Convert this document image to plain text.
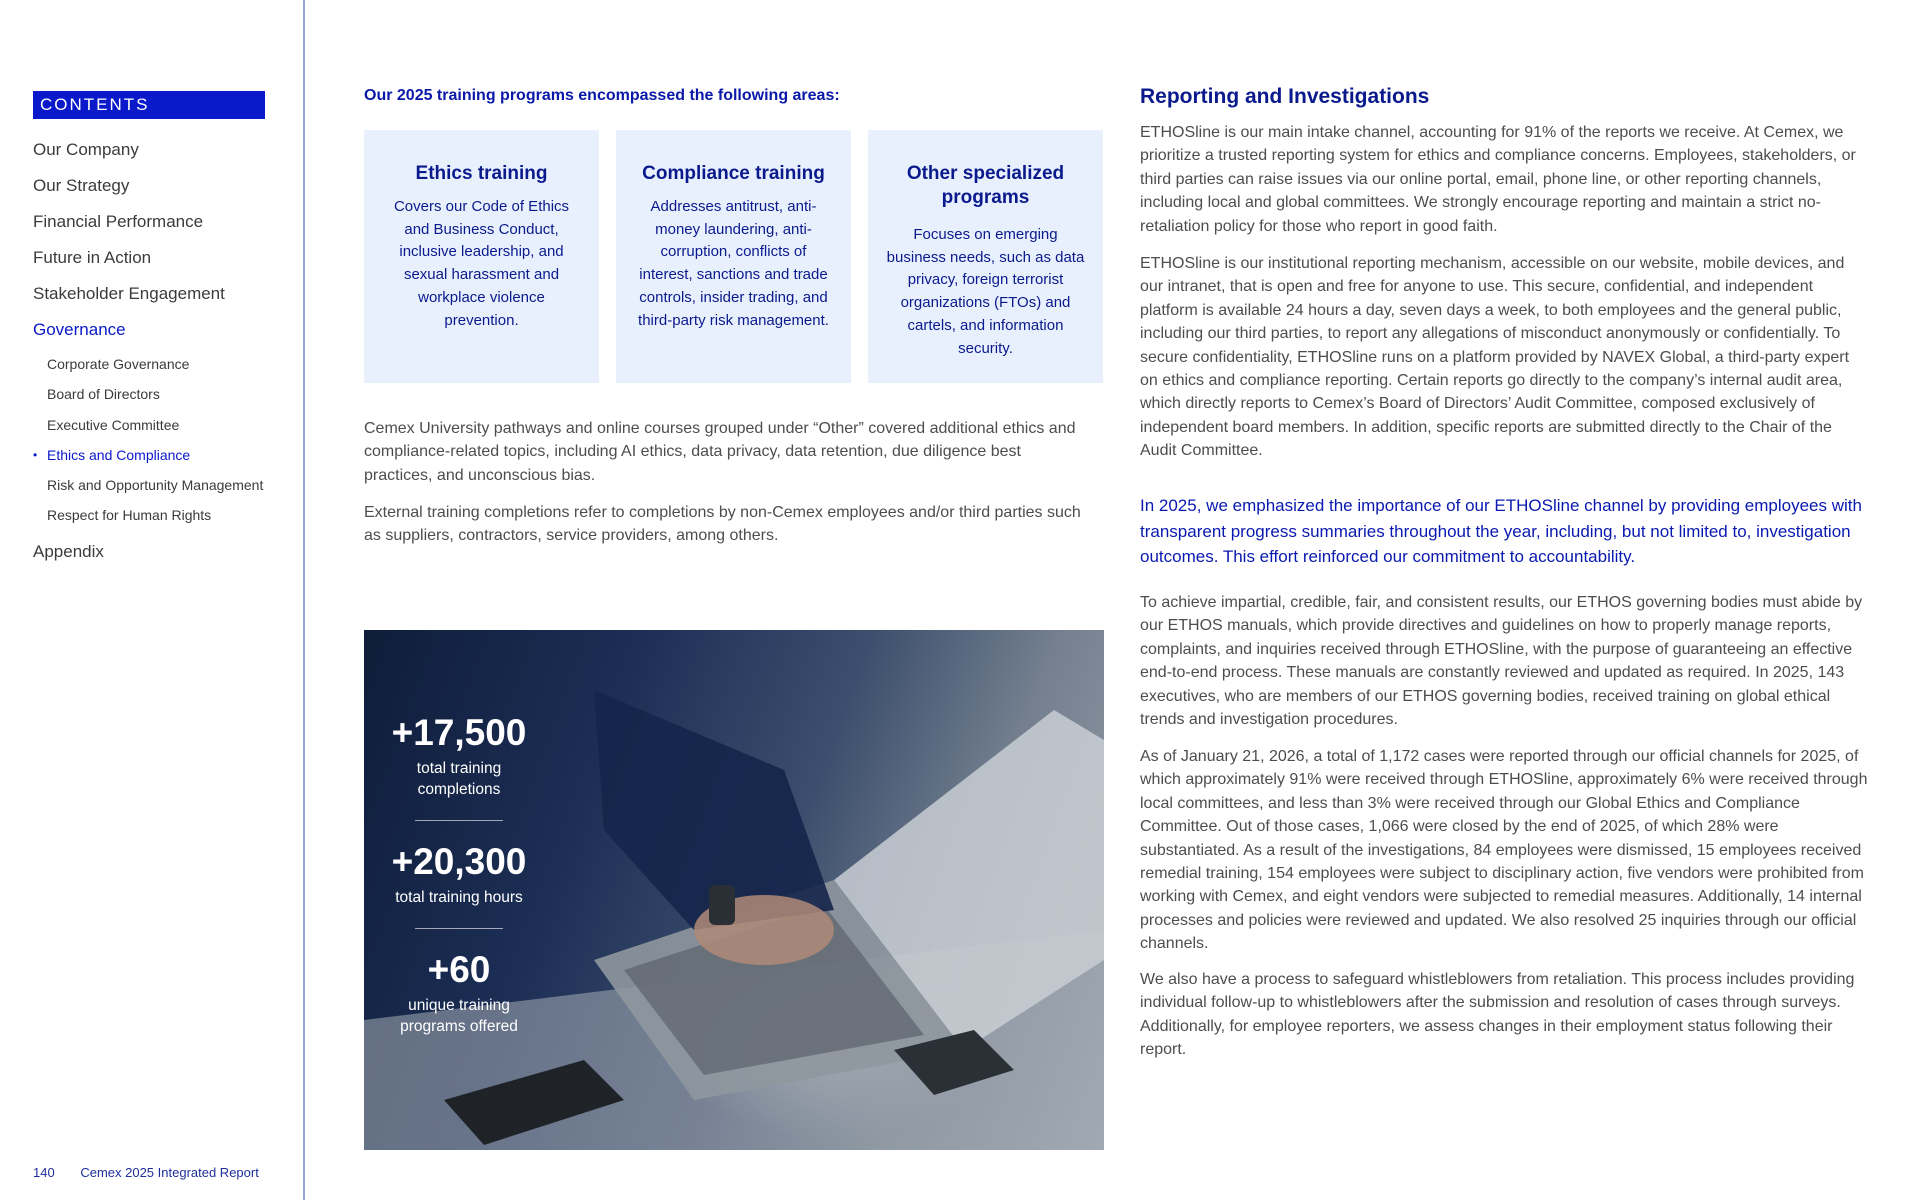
CONTENTS
Our Company
Our Strategy
Financial Performance
Future in Action
Stakeholder Engagement
Governance
Corporate Governance
Board of Directors
Executive Committee
• Ethics and Compliance
Risk and Opportunity Management
Respect for Human Rights
Appendix
140 Cemex 2025 Integrated Report
Our 2025 training programs encompassed the following areas:
Ethics training

Covers our Code of Ethics and Business Conduct, inclusive leadership, and sexual harassment and workplace violence prevention.

Compliance training

Addresses antitrust, anti-money laundering, anti-corruption, conflicts of interest, sanctions and trade controls, insider trading, and third-party risk management.

Other specialized programs

Focuses on emerging business needs, such as data privacy, foreign terrorist organizations (FTOs) and cartels, and information security.

Cemex University pathways and online courses grouped under “Other” covered additional ethics and compliance-related topics, including AI ethics, data privacy, data retention, due diligence best practices, and unconscious bias.

External training completions refer to completions by non-Cemex employees and/or third parties such as suppliers, contractors, service providers, among others.

+17,500
total training completions
+20,300
total training hours
+60
unique training programs offered
Reporting and Investigations

ETHOSline is our main intake channel, accounting for 91% of the reports we receive. At Cemex, we prioritize a trusted reporting system for ethics and compliance concerns. Employees, stakeholders, or third parties can raise issues via our online portal, email, phone line, or other reporting channels, including local and global committees. We strongly encourage reporting and maintain a strict no-retaliation policy for those who report in good faith.

ETHOSline is our institutional reporting mechanism, accessible on our website, mobile devices, and our intranet, that is open and free for anyone to use. This secure, confidential, and independent platform is available 24 hours a day, seven days a week, to both employees and the general public, including our third parties, to report any allegations of misconduct anonymously or confidentially. To secure confidentiality, ETHOSline runs on a platform provided by NAVEX Global, a third-party expert on ethics and compliance reporting. Certain reports go directly to the company’s internal audit area, which directly reports to Cemex’s Board of Directors’ Audit Committee, composed exclusively of independent board members. In addition, specific reports are submitted directly to the Chair of the Audit Committee.

In 2025, we emphasized the importance of our ETHOSline channel by providing employees with transparent progress summaries throughout the year, including, but not limited to, investigation outcomes. This effort reinforced our commitment to accountability.

To achieve impartial, credible, fair, and consistent results, our ETHOS governing bodies must abide by our ETHOS manuals, which provide directives and guidelines on how to properly manage reports, complaints, and inquiries received through ETHOSline, with the purpose of guaranteeing an effective end-to-end process. These manuals are constantly reviewed and updated as required. In 2025, 143 executives, who are members of our ETHOS governing bodies, received training on global ethical trends and investigation procedures.

As of January 21, 2026, a total of 1,172 cases were reported through our official channels for 2025, of which approximately 91% were received through ETHOSline, approximately 6% were received through local committees, and less than 3% were received through our Global Ethics and Compliance Committee. Out of those cases, 1,066 were closed by the end of 2025, of which 28% were substantiated. As a result of the investigations, 84 employees were dismissed, 15 employees received remedial training, 154 employees were subject to disciplinary action, five vendors were prohibited from working with Cemex, and eight vendors were subjected to remedial measures. Additionally, 14 internal processes and policies were reviewed and updated. We also resolved 25 inquiries through our official channels.

We also have a process to safeguard whistleblowers from retaliation. This process includes providing individual follow-up to whistleblowers after the submission and resolution of cases through surveys. Additionally, for employee reporters, we assess changes in their employment status following their report.
